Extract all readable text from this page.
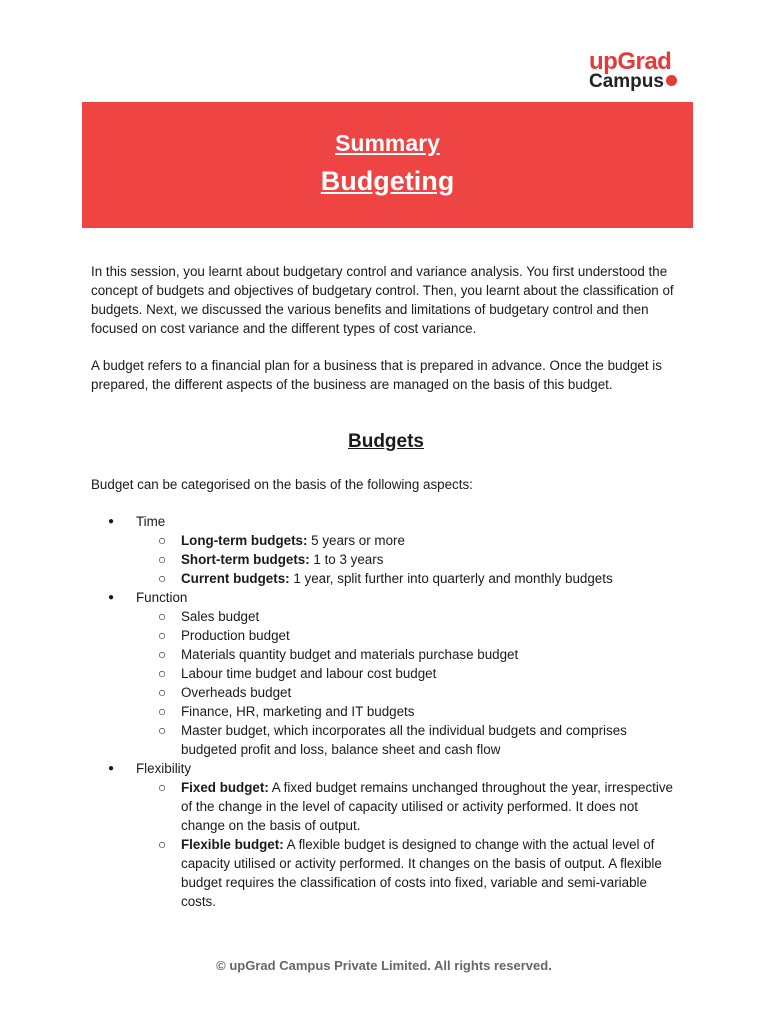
upGrad
Campus
Summary
Budgeting

In this session, you learnt about budgetary control and variance analysis. You first understood the concept of budgets and objectives of budgetary control. Then, you learnt about the classification of budgets. Next, we discussed the various benefits and limitations of budgetary control and then focused on cost variance and the different types of cost variance.

A budget refers to a financial plan for a business that is prepared in advance. Once the budget is prepared, the different aspects of the business are managed on the basis of this budget.

Budgets
Budget can be categorised on the basis of the following aspects:
● Time
○ Long-term budgets: 5 years or more
○ Short-term budgets: 1 to 3 years
○ Current budgets: 1 year, split further into quarterly and monthly budgets
● Function
○ Sales budget
○ Production budget
○ Materials quantity budget and materials purchase budget
○ Labour time budget and labour cost budget
○ Overheads budget
○ Finance, HR, marketing and IT budgets
○ Master budget, which incorporates all the individual budgets and comprises budgeted profit and loss, balance sheet and cash flow
● Flexibility
○ Fixed budget: A fixed budget remains unchanged throughout the year, irrespective of the change in the level of capacity utilised or activity performed. It does not change on the basis of output.
○ Flexible budget: A flexible budget is designed to change with the actual level of capacity utilised or activity performed. It changes on the basis of output. A flexible budget requires the classification of costs into fixed, variable and semi-variable costs.
© upGrad Campus Private Limited. All rights reserved.
